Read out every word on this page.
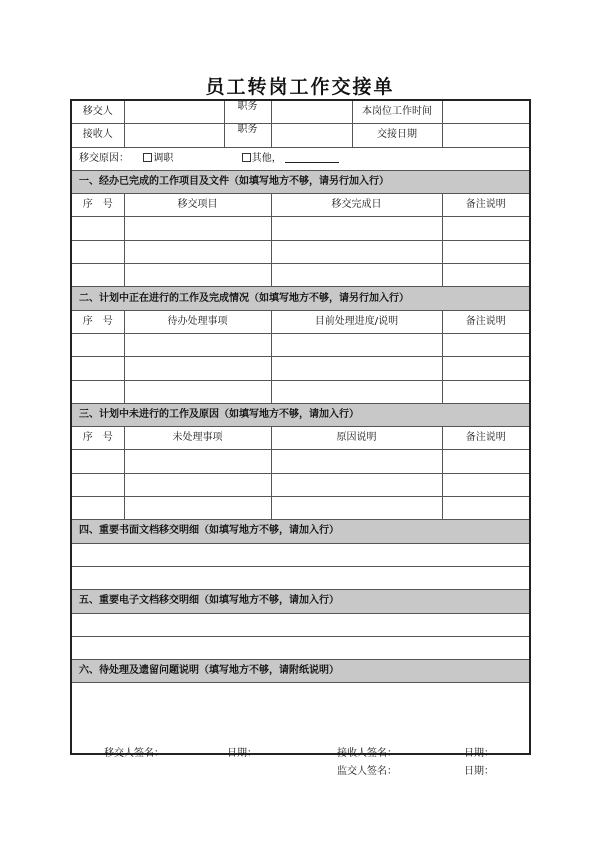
员工转岗工作交接单
移交人	职务	本岗位工作时间	

接收人	职务	交接日期	

移交原因： 调职 其他，			
一、经办已完成的工作项目及文件（如填写地方不够，请另行加入行）			
序　号	移交项目	移交完成日	备注说明

二、计划中正在进行的工作及完成情况（如填写地方不够，请另行加入行）			
序　号	待办处理事项	目前处理进度/说明	备注说明

三、计划中未进行的工作及原因（如填写地方不够，请加入行）			
序　号	未处理事项	原因说明	备注说明

四、重要书面文档移交明细（如填写地方不够，请加入行）			

五、重要电子文档移交明细（如填写地方不够，请加入行）			

六、待处理及遗留问题说明（填写地方不够，请附纸说明）			

移交人签名：	日期：	接收人签名：	日期：
监交人签名：	日期：
